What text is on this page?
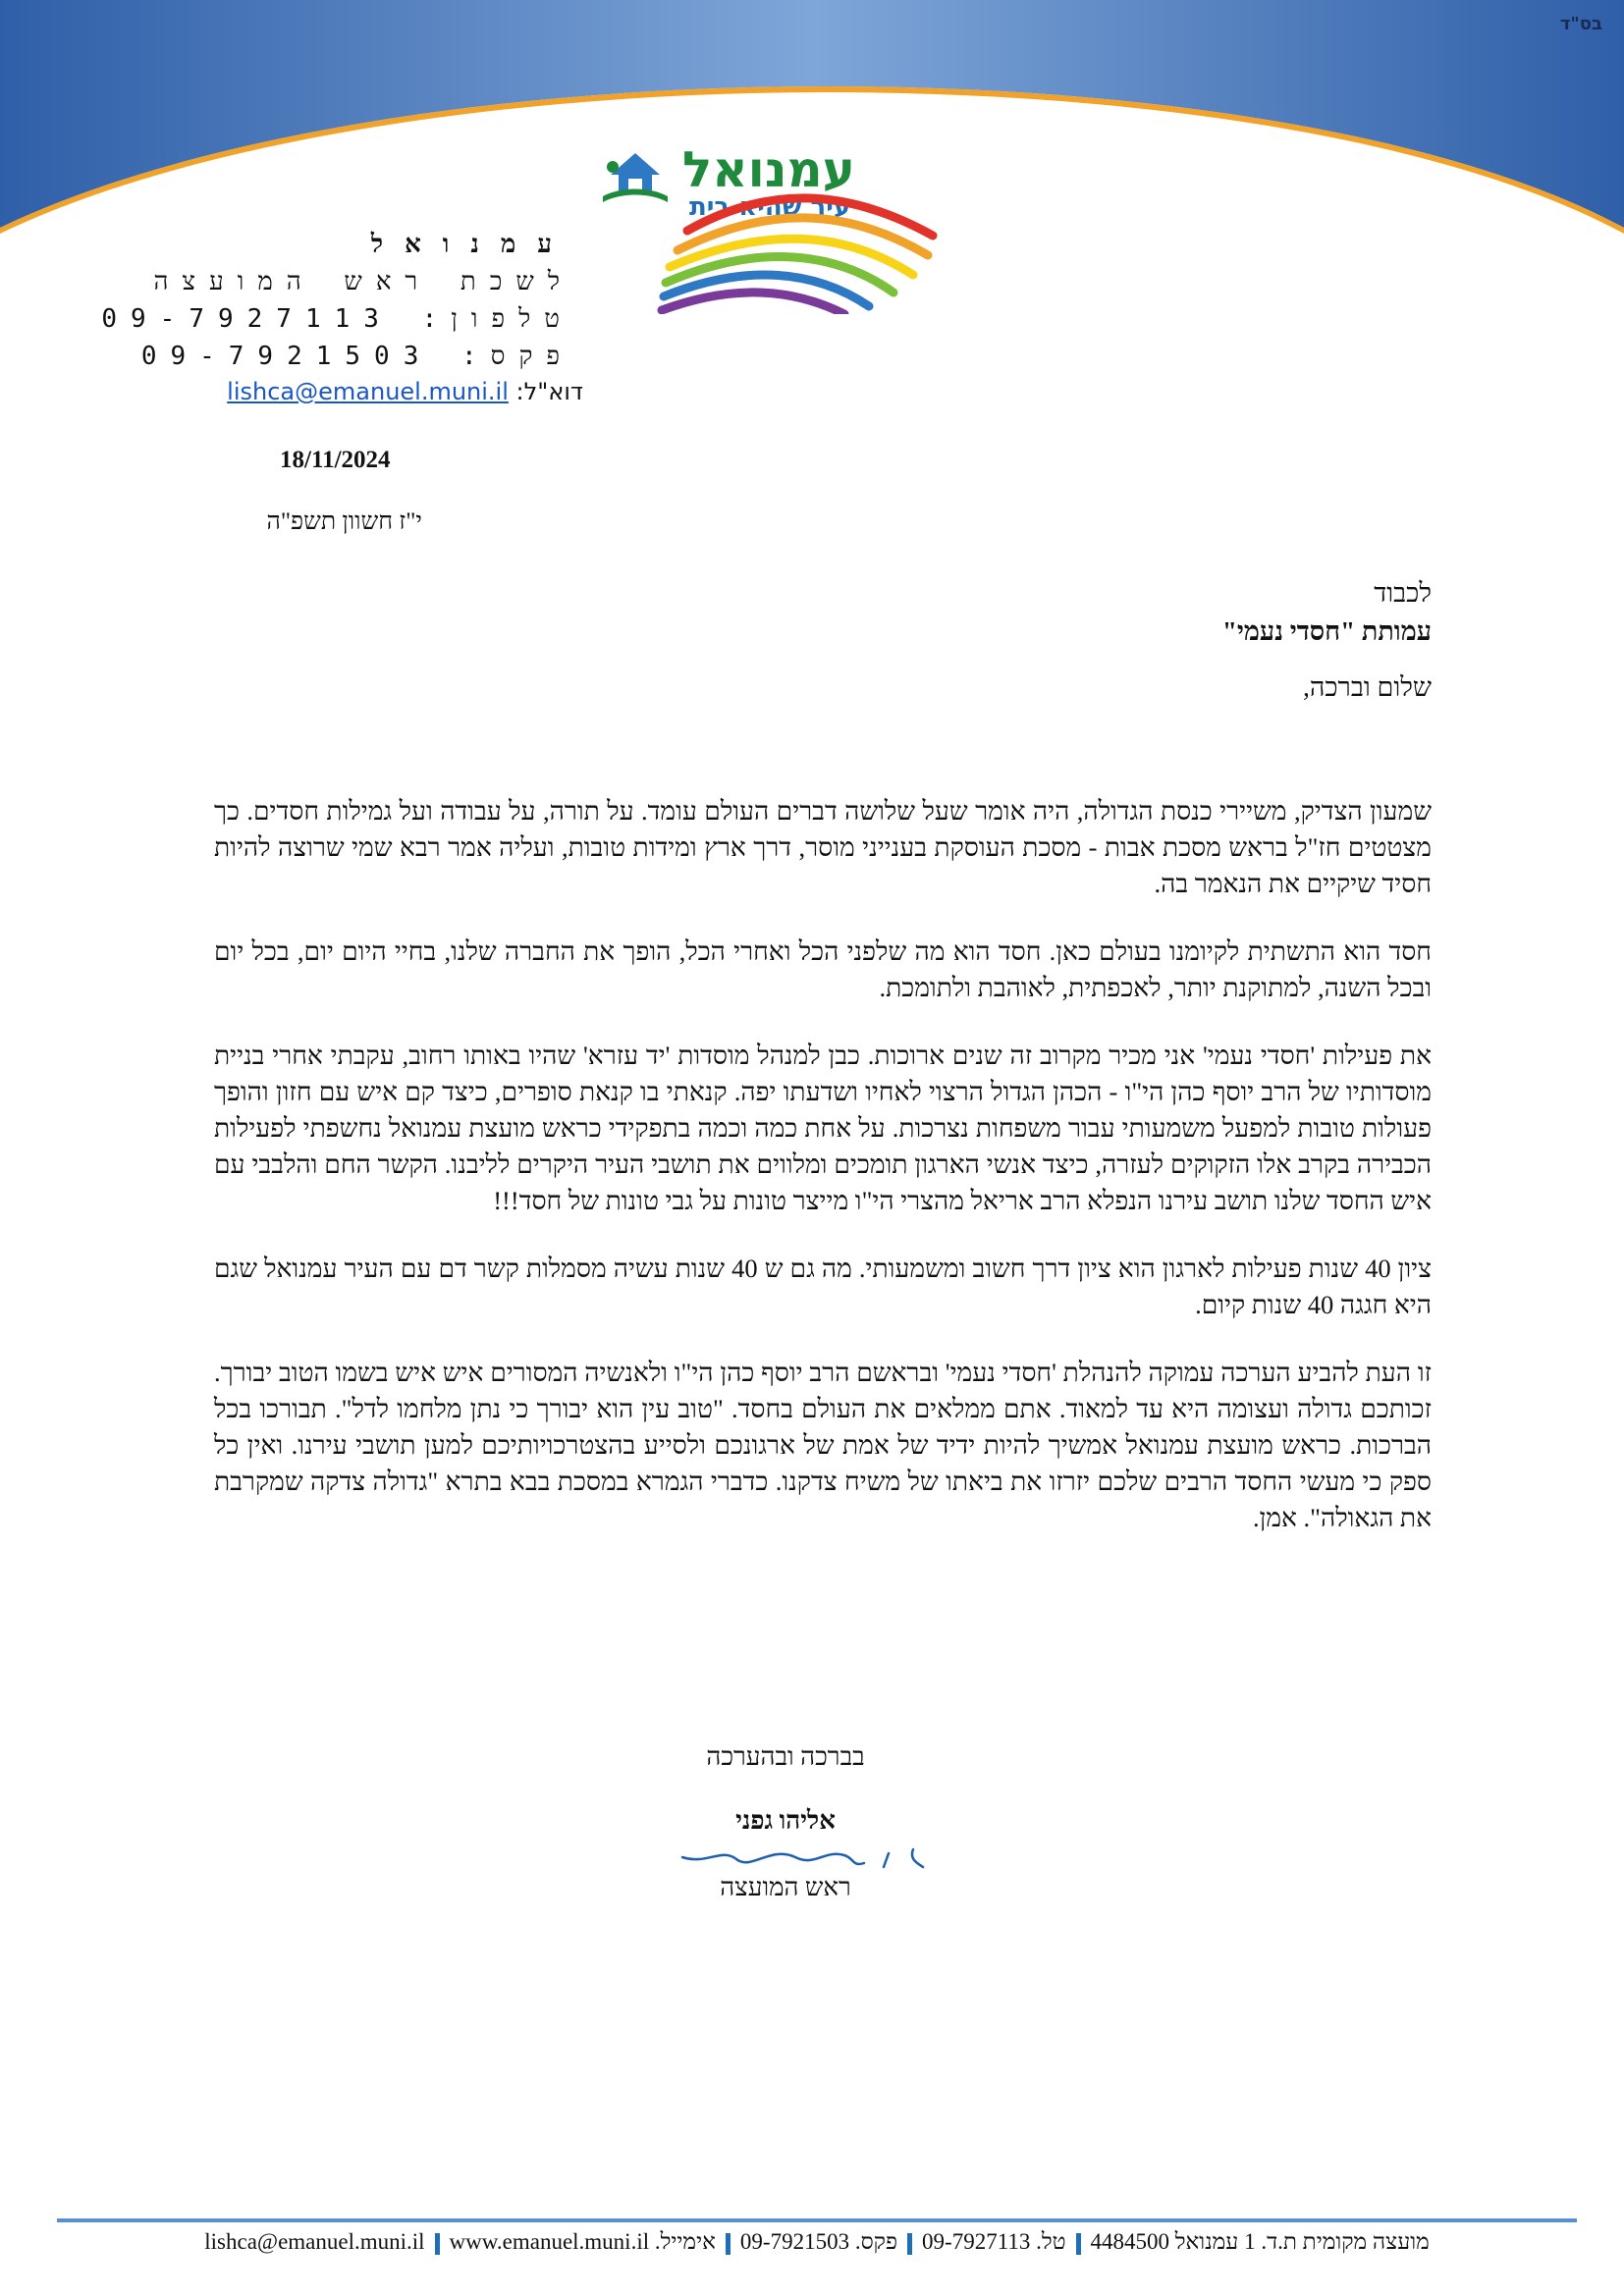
בס"ד
עמנואל
עיר שהיא בית
עמנואל
לשכת ראש המועצה
טלפון: 09-7927113
פקס: 09-7921503
דוא"ל: lishca@emanuel.muni.il
18/11/2024
י"ז חשוון תשפ"ה
לכבוד
עמותת "חסדי נעמי"
שלום וברכה,

שמעון הצדיק, משיירי כנסת הגדולה, היה אומר שעל שלושה דברים העולם עומד. על תורה, על עבודה ועל גמילות חסדים. כך מצטטים חז"ל בראש מסכת אבות - מסכת העוסקת בענייני מוסר, דרך ארץ ומידות טובות, ועליה אמר רבא שמי שרוצה להיות חסיד שיקיים את הנאמר בה.

חסד הוא התשתית לקיומנו בעולם כאן. חסד הוא מה שלפני הכל ואחרי הכל, הופך את החברה שלנו, בחיי היום יום, בכל יום ובכל השנה, למתוקנת יותר, לאכפתית, לאוהבת ולתומכת.

את פעילות 'חסדי נעמי' אני מכיר מקרוב זה שנים ארוכות. כבן למנהל מוסדות 'יד עזרא' שהיו באותו רחוב, עקבתי אחרי בניית מוסדותיו של הרב יוסף כהן הי"ו - הכהן הגדול הרצוי לאחיו ושדעתו יפה. קנאתי בו קנאת סופרים, כיצד קם איש עם חזון והופך פעולות טובות למפעל משמעותי עבור משפחות נצרכות. על אחת כמה וכמה בתפקידי כראש מועצת עמנואל נחשפתי לפעילות הכבירה בקרב אלו הזקוקים לעזרה, כיצד אנשי הארגון תומכים ומלווים את תושבי העיר היקרים לליבנו. הקשר החם והלבבי עם איש החסד שלנו תושב עירנו הנפלא הרב אריאל מהצרי הי"ו מייצר טונות על גבי טונות של חסד!!!

ציון 40 שנות פעילות לארגון הוא ציון דרך חשוב ומשמעותי. מה גם ש 40 שנות עשיה מסמלות קשר דם עם העיר עמנואל שגם היא חגגה 40 שנות קיום.

זו העת להביע הערכה עמוקה להנהלת 'חסדי נעמי' ובראשם הרב יוסף כהן הי"ו ולאנשיה המסורים איש איש בשמו הטוב יבורך. זכותכם גדולה ועצומה היא עד למאוד. אתם ממלאים את העולם בחסד. "טוב עין הוא יבורך כי נתן מלחמו לדל". תבורכו בכל הברכות. כראש מועצת עמנואל אמשיך להיות ידיד של אמת של ארגונכם ולסייע בהצטרכויותיכם למען תושבי עירנו. ואין כל ספק כי מעשי החסד הרבים שלכם יזרזו את ביאתו של משיח צדקנו. כדברי הגמרא במסכת בבא בתרא "גדולה צדקה שמקרבת את הגאולה". אמן.

בברכה ובהערכה
אליהו גפני
ראש המועצה
מועצה מקומית ת.ד. 1 עמנואל 4484500טל. 09-7927113פקס. 09-7921503אימייל. lishca@emanuel.muni.ilwww.emanuel.muni.il
